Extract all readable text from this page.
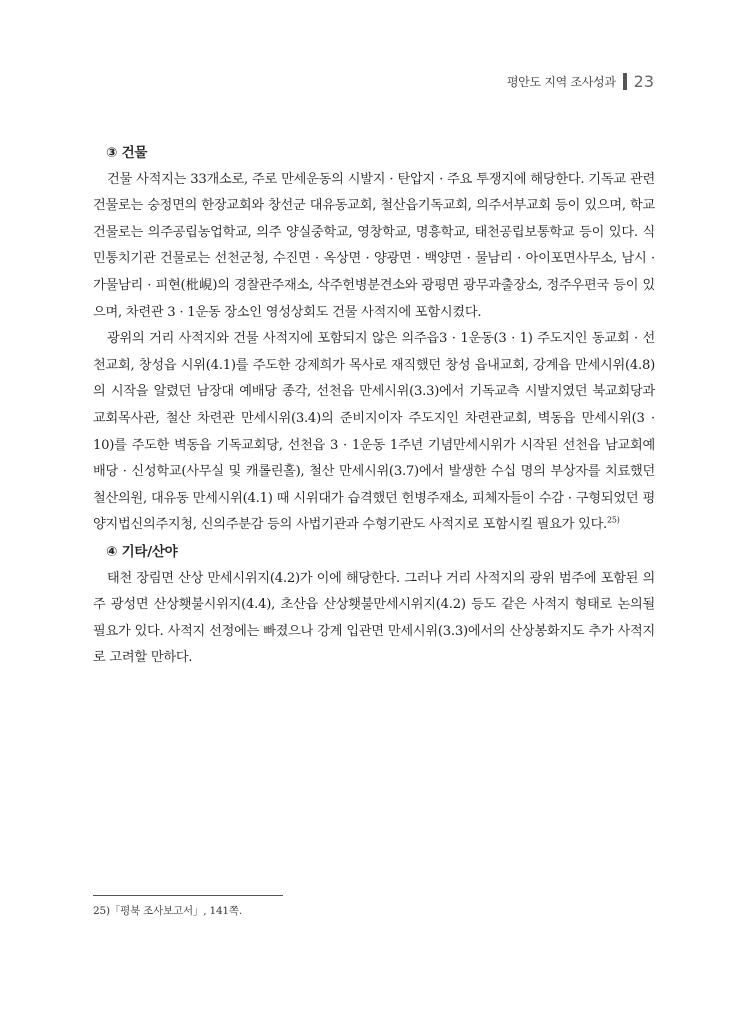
평안도 지역 조사성과 23
③ 건물

건물 사적지는 33개소로, 주로 만세운동의 시발지 · 탄압지 · 주요 투쟁지에 해당한다. 기독교 관련 건물로는 숭정면의 한장교회와 창선군 대유동교회, 철산읍기독교회, 의주서부교회 등이 있으며, 학교 건물로는 의주공립농업학교, 의주 양실중학교, 영창학교, 명흥학교, 태천공립보통학교 등이 있다. 식민통치기관 건물로는 선천군청, 수진면 · 옥상면 · 양광면 · 백양면 · 물남리 · 아이포면사무소, 남시 · 가물남리 · 피현(枇峴)의 경찰관주재소, 삭주헌병분견소와 광평면 광무과출장소, 정주우편국 등이 있으며, 차련관 3 · 1운동 장소인 영성상회도 건물 사적지에 포함시켰다.

광위의 거리 사적지와 건물 사적지에 포함되지 않은 의주읍3 · 1운동(3 · 1) 주도지인 동교회 · 선천교회, 창성읍 시위(4.1)를 주도한 강제희가 목사로 재직했던 창성 읍내교회, 강계읍 만세시위(4.8)의 시작을 알렸던 남장대 예배당 종각, 선천읍 만세시위(3.3)에서 기독교측 시발지였던 북교회당과 교회목사관, 철산 차련관 만세시위(3.4)의 준비지이자 주도지인 차련관교회, 벽동읍 만세시위(3 · 10)를 주도한 벽동읍 기독교회당, 선천읍 3 · 1운동 1주년 기념만세시위가 시작된 선천읍 남교회예배당 · 신성학교(사무실 및 캐롤린홀), 철산 만세시위(3.7)에서 발생한 수십 명의 부상자를 치료했던 철산의원, 대유동 만세시위(4.1) 때 시위대가 습격했던 헌병주재소, 피체자들이 수감 · 구형되었던 평양지법신의주지청, 신의주분감 등의 사법기관과 수형기관도 사적지로 포함시킬 필요가 있다.$^{25)}$

④ 기타/산야

태천 장림면 산상 만세시위지(4.2)가 이에 해당한다. 그러나 거리 사적지의 광위 범주에 포함된 의주 광성면 산상횃불시위지(4.4), 초산읍 산상횃불만세시위지(4.2) 등도 같은 사적지 형태로 논의될 필요가 있다. 사적지 선정에는 빠졌으나 강계 입관면 만세시위(3.3)에서의 산상봉화지도 추가 사적지로 고려할 만하다.

25)「평북 조사보고서」, 141쪽.
